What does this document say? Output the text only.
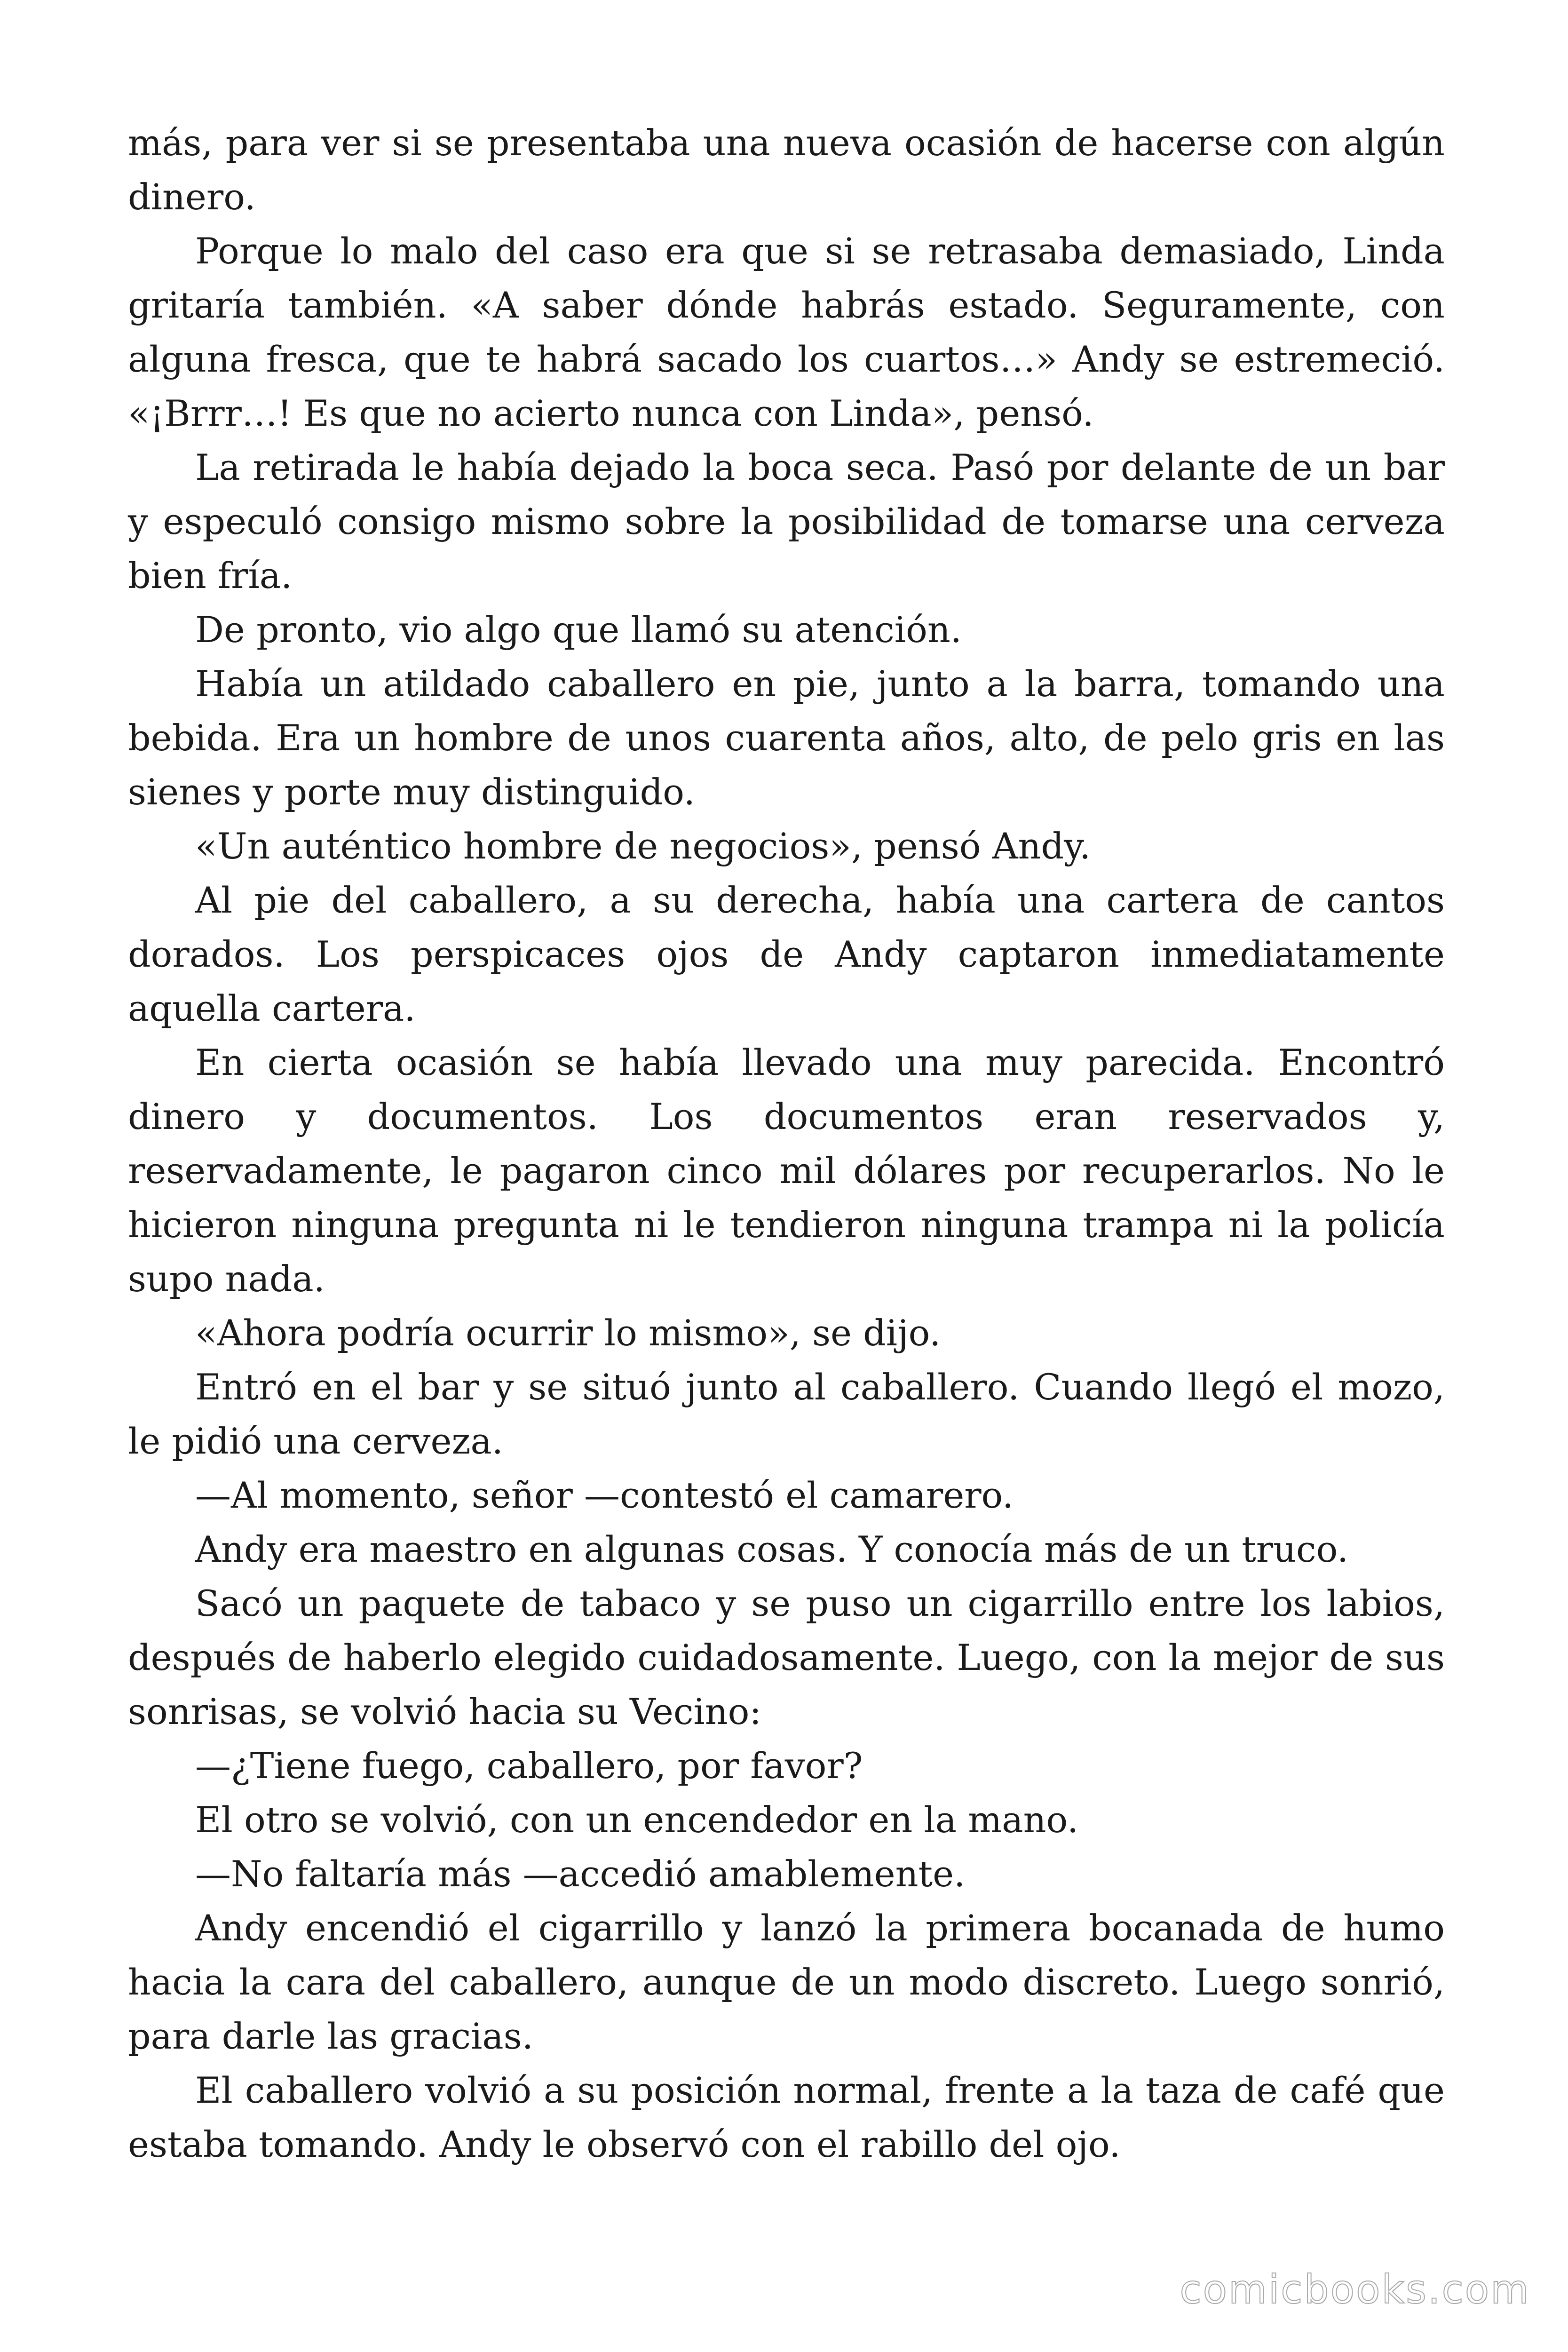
más, para ver si se presentaba una nueva ocasión de hacerse con algún dinero.

Porque lo malo del caso era que si se retrasaba demasiado, Linda gritaría también. «A saber dónde habrás estado. Seguramente, con alguna fresca, que te habrá sacado los cuartos…» Andy se estremeció. «¡Brrr…! Es que no acierto nunca con Linda», pensó.

La retirada le había dejado la boca seca. Pasó por delante de un bar y especuló consigo mismo sobre la posibilidad de tomarse una cerveza bien fría.

De pronto, vio algo que llamó su atención.

Había un atildado caballero en pie, junto a la barra, tomando una bebida. Era un hombre de unos cuarenta años, alto, de pelo gris en las sienes y porte muy distinguido.

«Un auténtico hombre de negocios», pensó Andy.

Al pie del caballero, a su derecha, había una cartera de cantos dorados. Los perspicaces ojos de Andy captaron inmediatamente aquella cartera.

En cierta ocasión se había llevado una muy parecida. Encontró dinero y documentos. Los documentos eran reservados y, reservadamente, le pagaron cinco mil dólares por recuperarlos. No le hicieron ninguna pregunta ni le tendieron ninguna trampa ni la policía supo nada.

«Ahora podría ocurrir lo mismo», se dijo.

Entró en el bar y se situó junto al caballero. Cuando llegó el mozo, le pidió una cerveza.

—Al momento, señor —contestó el camarero.

Andy era maestro en algunas cosas. Y conocía más de un truco.

Sacó un paquete de tabaco y se puso un cigarrillo entre los labios, después de haberlo elegido cuidadosamente. Luego, con la mejor de sus sonrisas, se volvió hacia su Vecino:

—¿Tiene fuego, caballero, por favor?

El otro se volvió, con un encendedor en la mano.

—No faltaría más —accedió amablemente.

Andy encendió el cigarrillo y lanzó la primera bocanada de humo hacia la cara del caballero, aunque de un modo discreto. Luego sonrió, para darle las gracias.

El caballero volvió a su posición normal, frente a la taza de café que estaba tomando. Andy le observó con el rabillo del ojo.

comicbooks.com
